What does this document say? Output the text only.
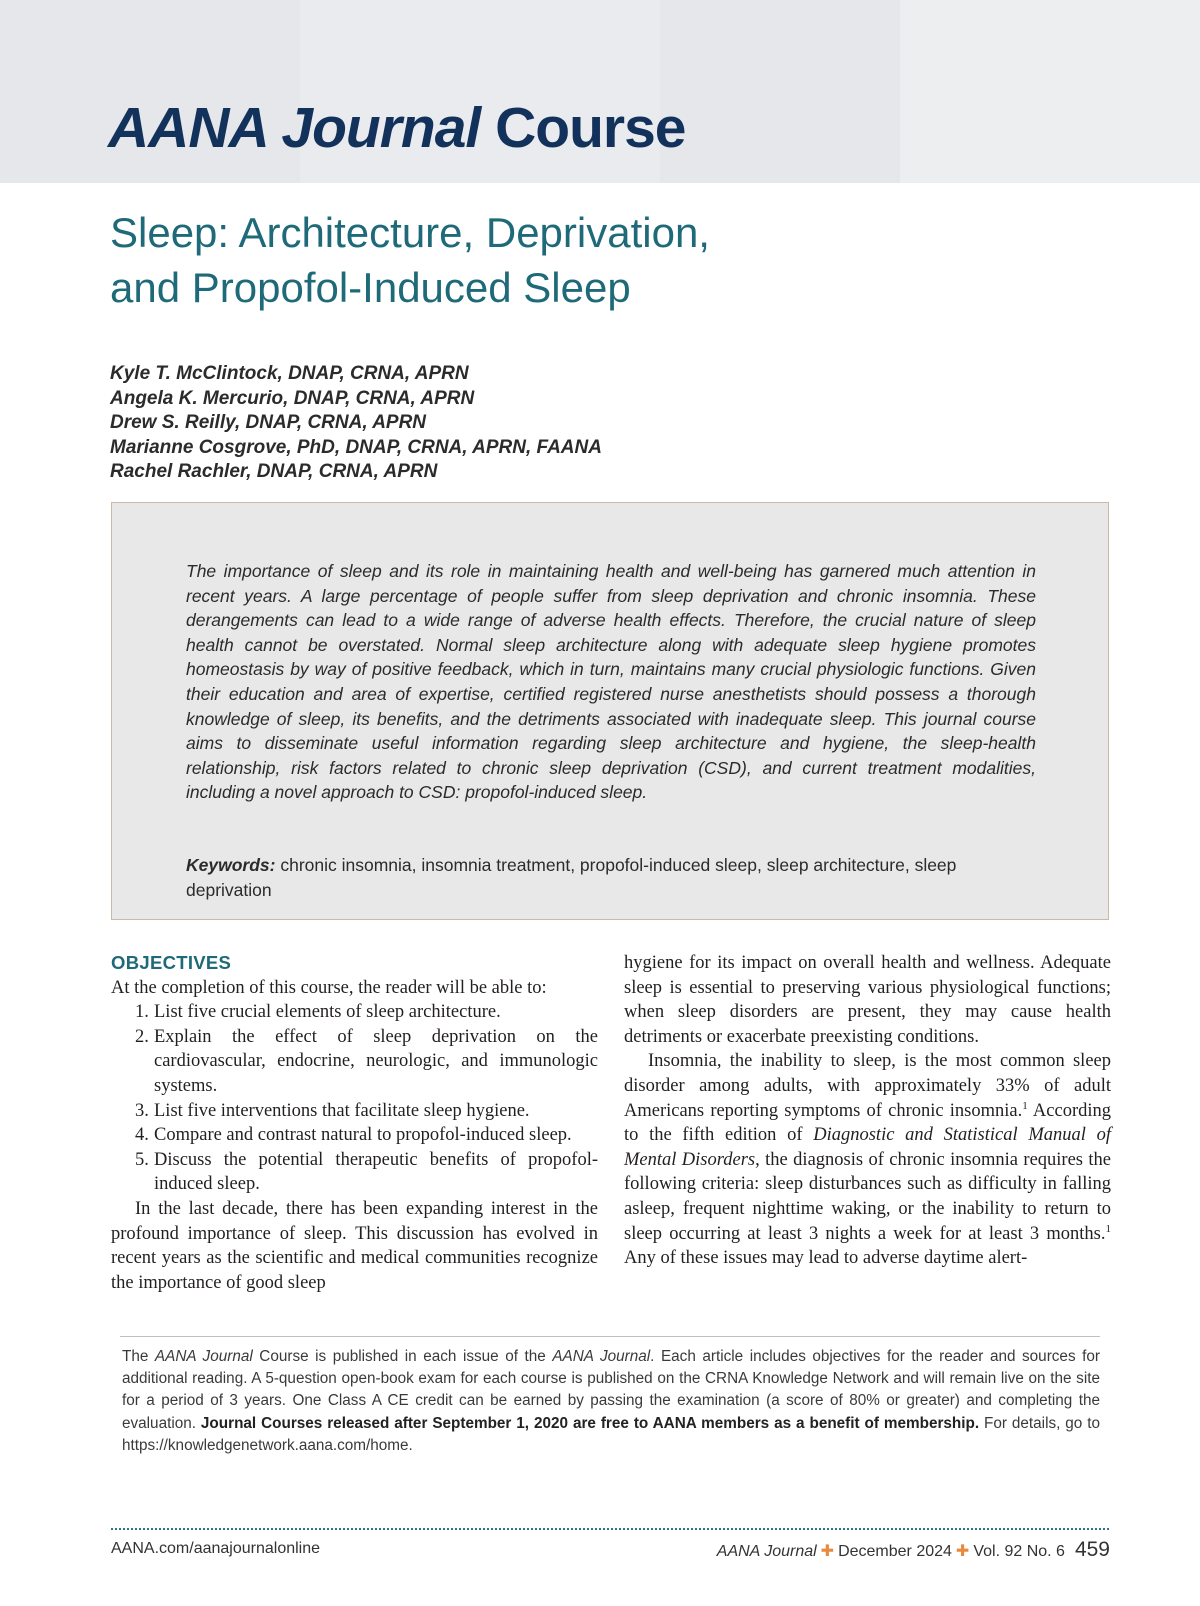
AANA Journal Course
Sleep: Architecture, Deprivation,
and Propofol-Induced Sleep
Kyle T. McClintock, DNAP, CRNA, APRN
Angela K. Mercurio, DNAP, CRNA, APRN
Drew S. Reilly, DNAP, CRNA, APRN
Marianne Cosgrove, PhD, DNAP, CRNA, APRN, FAANA
Rachel Rachler, DNAP, CRNA, APRN
The importance of sleep and its role in maintaining health and well-being has garnered much attention in recent years. A large percentage of people suffer from sleep deprivation and chronic insomnia. These derangements can lead to a wide range of adverse health effects. Therefore, the crucial nature of sleep health cannot be overstated. Normal sleep architecture along with adequate sleep hygiene promotes homeostasis by way of positive feedback, which in turn, maintains many crucial physiologic functions. Given their education and area of expertise, certified registered nurse anesthetists should possess a thorough knowledge of sleep, its benefits, and the detriments associated with inadequate sleep. This journal course aims to disseminate useful information regarding sleep architecture and hygiene, the sleep-health relationship, risk factors related to chronic sleep deprivation (CSD), and current treatment modalities, including a novel approach to CSD: propofol-induced sleep.
Keywords: chronic insomnia, insomnia treatment, propofol-induced sleep, sleep architecture, sleep deprivation
OBJECTIVES

At the completion of this course, the reader will be able to:

1. List five crucial elements of sleep architecture.
2. Explain the effect of sleep deprivation on the cardiovascular, endocrine, neurologic, and immunologic systems.
3. List five interventions that facilitate sleep hygiene.
4. Compare and contrast natural to propofol-induced sleep.
5. Discuss the potential therapeutic benefits of propofol-induced sleep.

In the last decade, there has been expanding interest in the profound importance of sleep. This discussion has evolved in recent years as the scientific and medical communities recognize the importance of good sleep

hygiene for its impact on overall health and wellness. Adequate sleep is essential to preserving various physiological functions; when sleep disorders are present, they may cause health detriments or exacerbate preexisting conditions.

Insomnia, the inability to sleep, is the most common sleep disorder among adults, with approximately 33% of adult Americans reporting symptoms of chronic insomnia.$^1$ According to the fifth edition of Diagnostic and Statistical Manual of Mental Disorders, the diagnosis of chronic insomnia requires the following criteria: sleep disturbances such as difficulty in falling asleep, frequent nighttime waking, or the inability to return to sleep occurring at least 3 nights a week for at least 3 months.$^1$ Any of these issues may lead to adverse daytime alert-

The AANA Journal Course is published in each issue of the AANA Journal. Each article includes objectives for the reader and sources for additional reading. A 5-question open-book exam for each course is published on the CRNA Knowledge Network and will remain live on the site for a period of 3 years. One Class A CE credit can be earned by passing the examination (a score of 80% or greater) and completing the evaluation. Journal Courses released after September 1, 2020 are free to AANA members as a benefit of membership. For details, go to https://knowledgenetwork.aana.com/home.
AANA.com/aanajournalonline	AANA Journal ✚ December 2024 ✚ Vol. 92 No. 6 459
